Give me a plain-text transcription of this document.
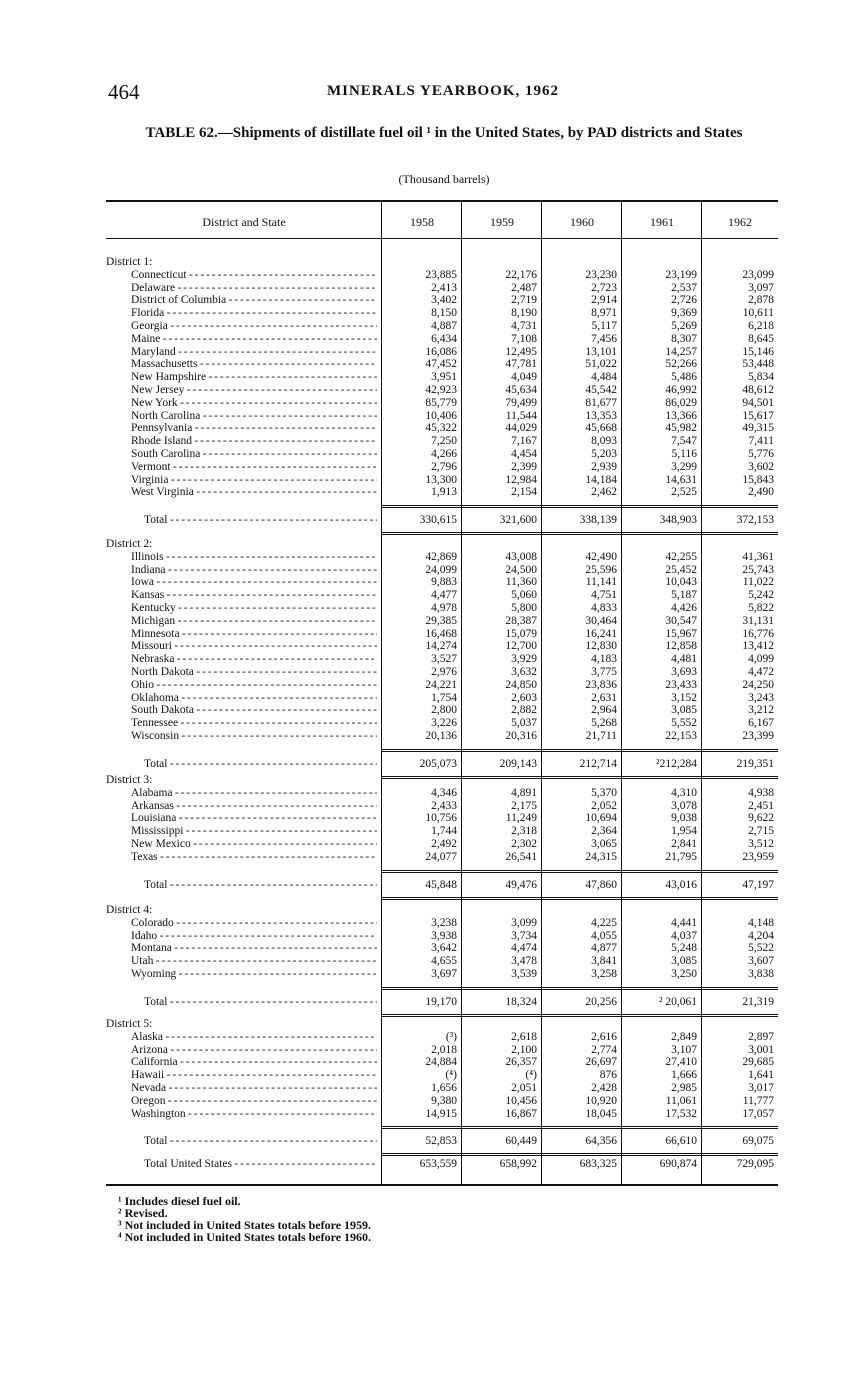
464	MINERALS YEARBOOK, 1962
TABLE 62.—Shipments of distillate fuel oil ¹ in the United States, by PAD districts and States
(Thousand barrels)
District and State	1958	1959	1960	1961	1962
District 1:
Connecticut - - -	23,885	22,176	23,230	23,199	23,099
Delaware - - -	2,413	2,487	2,723	2,537	3,097
District of Columbia - - -	3,402	2,719	2,914	2,726	2,878
Florida - - -	8,150	8,190	8,971	9,369	10,611
Georgia - - -	4,887	4,731	5,117	5,269	6,218
Maine - - -	6,434	7,108	7,456	8,307	8,645
Maryland - - -	16,086	12,495	13,101	14,257	15,146
Massachusetts - - -	47,452	47,781	51,022	52,266	53,448
New Hampshire - - -	3,951	4,049	4,484	5,486	5,834
New Jersey - - -	42,923	45,634	45,542	46,992	48,612
New York - - -	85,779	79,499	81,677	86,029	94,501
North Carolina - - -	10,406	11,544	13,353	13,366	15,617
Pennsylvania - - -	45,322	44,029	45,668	45,982	49,315
Rhode Island - - -	7,250	7,167	8,093	7,547	7,411
South Carolina - - -	4,266	4,454	5,203	5,116	5,776
Vermont - - -	2,796	2,399	2,939	3,299	3,602
Virginia - - -	13,300	12,984	14,184	14,631	15,843
West Virginia - - -	1,913	2,154	2,462	2,525	2,490
Total - - -	330,615	321,600	338,139	348,903	372,153
District 2:
Illinois - - -	42,869	43,008	42,490	42,255	41,361
Indiana - - -	24,099	24,500	25,596	25,452	25,743
Iowa - - -	9,883	11,360	11,141	10,043	11,022
Kansas - - -	4,477	5,060	4,751	5,187	5,242
Kentucky - - -	4,978	5,800	4,833	4,426	5,822
Michigan - - -	29,385	28,387	30,464	30,547	31,131
Minnesota - - -	16,468	15,079	16,241	15,967	16,776
Missouri - - -	14,274	12,700	12,830	12,858	13,412
Nebraska - - -	3,527	3,929	4,183	4,481	4,099
North Dakota - - -	2,976	3,632	3,775	3,693	4,472
Ohio - - -	24,221	24,850	23,836	23,433	24,250
Oklahoma - - -	1,754	2,603	2,631	3,152	3,243
South Dakota - - -	2,800	2,882	2,964	3,085	3,212
Tennessee - - -	3,226	5,037	5,268	5,552	6,167
Wisconsin - - -	20,136	20,316	21,711	22,153	23,399
Total - - -	205,073	209,143	212,714	²212,284	219,351
District 3:
Alabama - - -	4,346	4,891	5,370	4,310	4,938
Arkansas - - -	2,433	2,175	2,052	3,078	2,451
Louisiana - - -	10,756	11,249	10,694	9,038	9,622
Mississippi - - -	1,744	2,318	2,364	1,954	2,715
New Mexico - - -	2,492	2,302	3,065	2,841	3,512
Texas - - -	24,077	26,541	24,315	21,795	23,959
Total - - -	45,848	49,476	47,860	43,016	47,197
District 4:
Colorado - - -	3,238	3,099	4,225	4,441	4,148
Idaho - - -	3,938	3,734	4,055	4,037	4,204
Montana - - -	3,642	4,474	4,877	5,248	5,522
Utah - - -	4,655	3,478	3,841	3,085	3,607
Wyoming - - -	3,697	3,539	3,258	3,250	3,838
Total - - -	19,170	18,324	20,256	² 20,061	21,319
District 5:
Alaska - - -	(³)	2,618	2,616	2,849	2,897
Arizona - - -	2,018	2,100	2,774	3,107	3,001
California - - -	24,884	26,357	26,697	27,410	29,685
Hawaii - - -	(⁴)	(⁴)	876	1,666	1,641
Nevada - - -	1,656	2,051	2,428	2,985	3,017
Oregon - - -	9,380	10,456	10,920	11,061	11,777
Washington - - -	14,915	16,867	18,045	17,532	17,057
Total - - -	52,853	60,449	64,356	66,610	69,075
Total United States - - -	653,559	658,992	683,325	690,874	729,095
¹ Includes diesel fuel oil.
² Revised.
³ Not included in United States totals before 1959.
⁴ Not included in United States totals before 1960.
